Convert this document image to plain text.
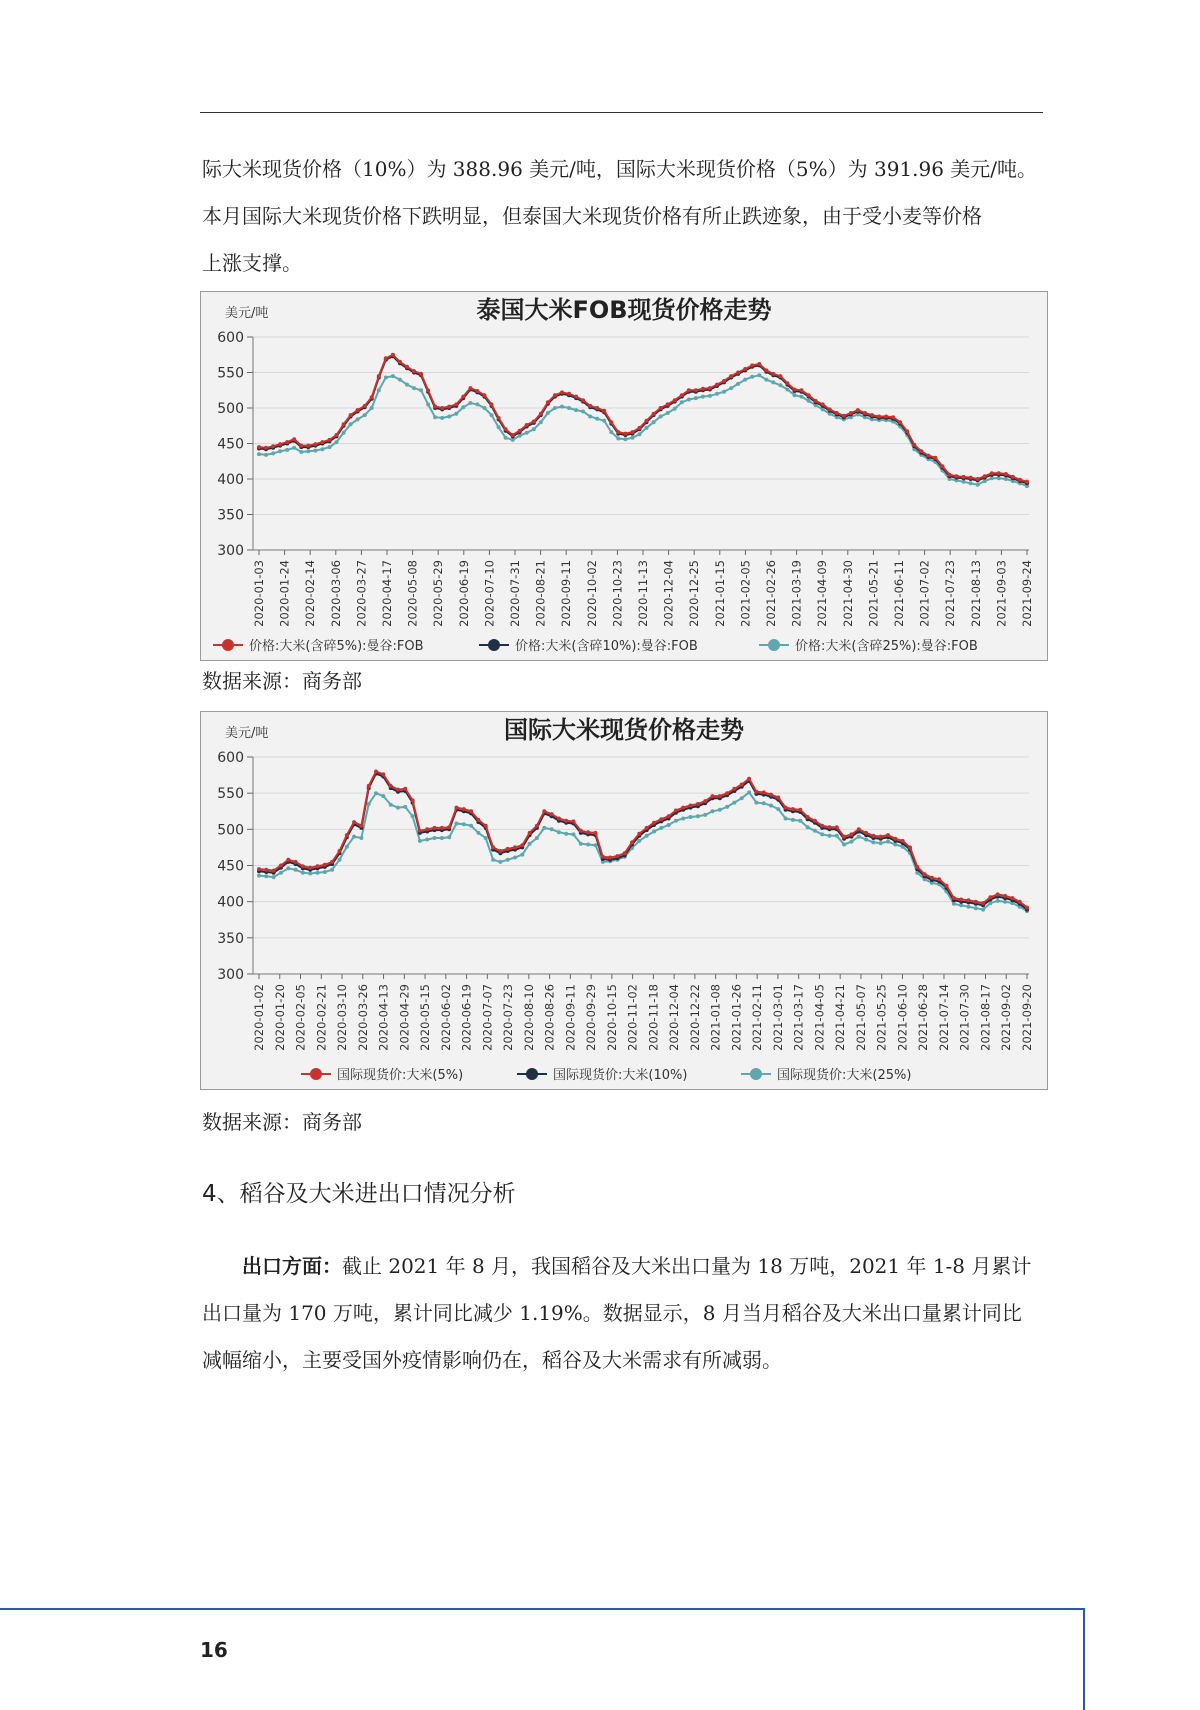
际大米现货价格（10%）为 388.96 美元/吨，国际大米现货价格（5%）为 391.96 美元/吨。
本月国际大米现货价格下跌明显，但泰国大米现货价格有所止跌迹象，由于受小麦等价格
上涨支撑。
泰国大米FOB现货价格走势
美元/吨
300
350
400
450
500
550
600
2020-01-03 2020-01-24 2020-02-14 2020-03-06 2020-03-27 2020-04-17 2020-05-08 2020-05-29 2020-06-19 2020-07-10 2020-07-31 2020-08-21 2020-09-11 2020-10-02 2020-10-23 2020-11-13 2020-12-04 2020-12-25 2021-01-15 2021-02-05 2021-02-26 2021-03-19 2021-04-09 2021-04-30 2021-05-21 2021-06-11 2021-07-02 2021-07-23 2021-08-13 2021-09-03 2021-09-24
价格:大米(含碎5%):曼谷:FOB	价格:大米(含碎10%):曼谷:FOB	价格:大米(含碎25%):曼谷:FOB
数据来源：商务部
国际大米现货价格走势
美元/吨
300
350
400
450
500
550
600
2020-01-02 2020-01-20 2020-02-05 2020-02-21 2020-03-10 2020-03-26 2020-04-13 2020-04-29 2020-05-15 2020-06-02 2020-06-19 2020-07-07 2020-07-23 2020-08-10 2020-08-26 2020-09-11 2020-09-29 2020-10-15 2020-11-02 2020-11-18 2020-12-04 2020-12-22 2021-01-08 2021-01-26 2021-02-11 2021-03-01 2021-03-17 2021-04-05 2021-04-21 2021-05-07 2021-05-25 2021-06-10 2021-06-28 2021-07-14 2021-07-30 2021-08-17 2021-09-02 2021-09-20
国际现货价:大米(5%)	国际现货价:大米(10%)	国际现货价:大米(25%)
数据来源：商务部
4、稻谷及大米进出口情况分析
　　出口方面：截止 2021 年 8 月，我国稻谷及大米出口量为 18 万吨，2021 年 1-8 月累计
出口量为 170 万吨，累计同比减少 1.19%。数据显示，8 月当月稻谷及大米出口量累计同比
减幅缩小，主要受国外疫情影响仍在，稻谷及大米需求有所减弱。
16
